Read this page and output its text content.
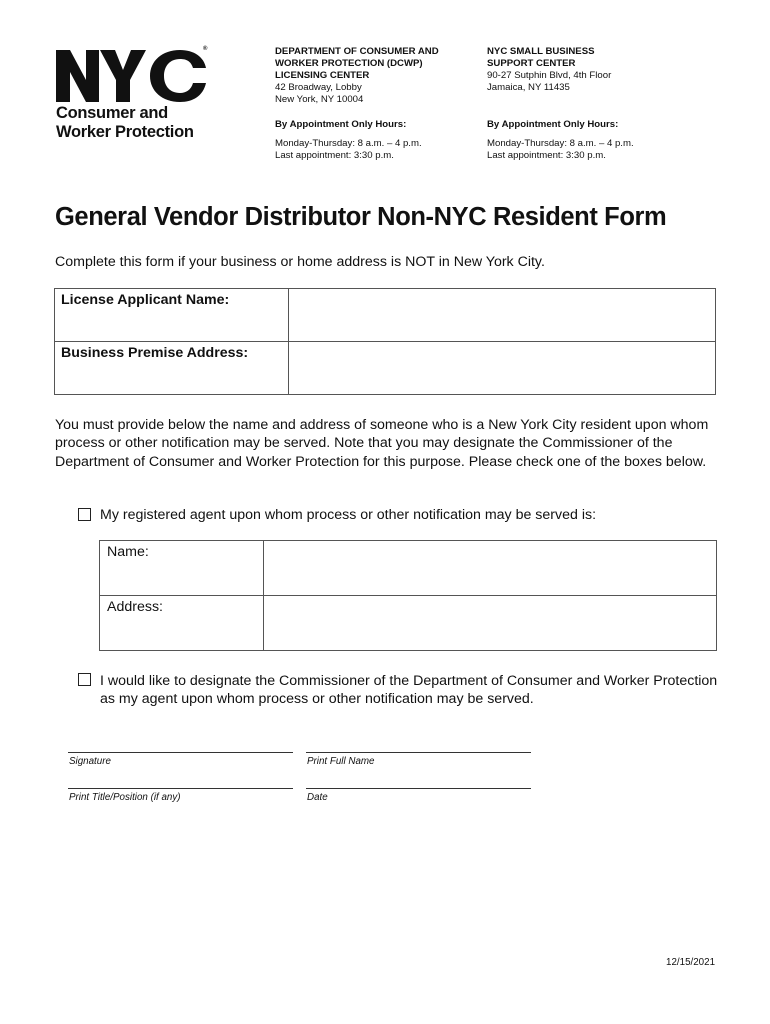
®
Consumer and
Worker Protection
DEPARTMENT OF CONSUMER AND
WORKER PROTECTION (DCWP)
LICENSING CENTER
42 Broadway, Lobby
New York, NY 10004
By Appointment Only Hours:
Monday-Thursday: 8 a.m. – 4 p.m.
Last appointment: 3:30 p.m.
NYC SMALL BUSINESS
SUPPORT CENTER
90-27 Sutphin Blvd, 4th Floor
Jamaica, NY 11435
By Appointment Only Hours:
Monday-Thursday: 8 a.m. – 4 p.m.
Last appointment: 3:30 p.m.
General Vendor Distributor Non-NYC Resident Form
Complete this form if your business or home address is NOT in New York City.
License Applicant Name:	
Business Premise Address:	
You must provide below the name and address of someone who is a New York City resident upon whom process or other notification may be served. Note that you may designate the Commissioner of the Department of Consumer and Worker Protection for this purpose. Please check one of the boxes below.
My registered agent upon whom process or other notification may be served is:
Name:	
Address:	
I would like to designate the Commissioner of the Department of Consumer and Worker Protection as my agent upon whom process or other notification may be served.
Signature	Print Full Name
Print Title/Position (if any)	Date
12/15/2021
